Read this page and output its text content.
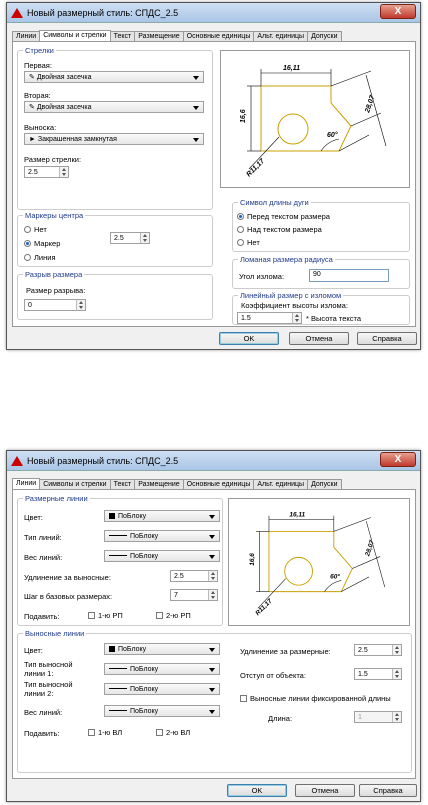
Новый размерный стиль: СПДС_2.5	X
Линии Символы и стрелки Текст Размещение Основные единицы Альт. единицы Допуски
Стрелки
Первая:
✎ Двойная засечка
Вторая:
✎ Двойная засечка
Выноска:
► Закрашенная замкнутая
Размер стрелки:
2.5
Маркеры центра
Нет
Маркер
Линия
2.5
Разрыв размера
Размер разрыва:
0
16,11
16,6
28,07
R11,17
60°
Символ длины дуги
Перед текстом размера
Над текстом размера
Нет
Ломаная размера радиуса
Угол излома:	90
Линейный размер с изломом
Коэффициент высоты излома:
1.5	* Высота текста
OK	Отмена	Справка
Новый размерный стиль: СПДС_2.5	X
Линии Символы и стрелки Текст Размещение Основные единицы Альт. единицы Допуски
Размерные линии
Цвет:	ПоБлоку
Тип линий:	ПоБлоку
Вес линий:	ПоБлоку
Удлинение за выносные:	2.5
Шаг в базовых размерах:	7
Подавить:	1-ю РП	2-ю РП
Выносные линии
Цвет:	ПоБлоку
Тип выносной линии 1:	ПоБлоку
Тип выносной линии 2:	ПоБлоку
Вес линий:	ПоБлоку
Подавить:	1-ю ВЛ	2-ю ВЛ
Удлинение за размерные:	2.5
Отступ от объекта:	1.5
Выносные линии фиксированной длины
Длина:	1
16,11
16,6
28,07
R11,17
60°
OK	Отмена	Справка
